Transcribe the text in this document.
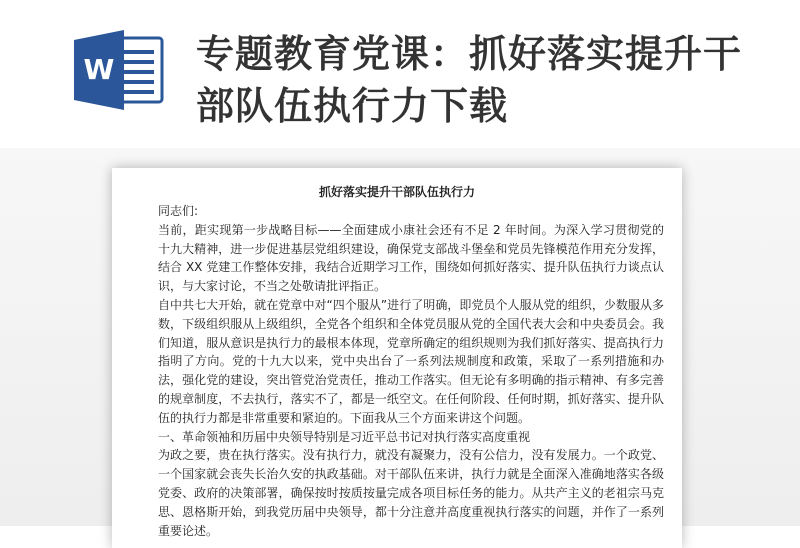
W 专题教育党课：抓好落实提升干部队伍执行力下载
抓好落实提升干部队伍执行力

同志们:

当前，距实现第一步战略目标——全面建成小康社会还有不足 2 年时间。为深入学习贯彻党的十九大精神，进一步促进基层党组织建设，确保党支部战斗堡垒和党员先锋模范作用充分发挥，结合 XX 党建工作整体安排，我结合近期学习工作，围绕如何抓好落实、提升队伍执行力谈点认识，与大家讨论，不当之处敬请批评指正。

自中共七大开始，就在党章中对“四个服从”进行了明确，即党员个人服从党的组织，少数服从多数，下级组织服从上级组织，全党各个组织和全体党员服从党的全国代表大会和中央委员会。我们知道，服从意识是执行力的最根本体现，党章所确定的组织规则为我们抓好落实、提高执行力指明了方向。党的十九大以来，党中央出台了一系列法规制度和政策，采取了一系列措施和办法，强化党的建设，突出管党治党责任，推动工作落实。但无论有多明确的指示精神、有多完善的规章制度，不去执行，落实不了，都是一纸空文。在任何阶段、任何时期，抓好落实、提升队伍的执行力都是非常重要和紧迫的。下面我从三个方面来讲这个问题。

一、革命领袖和历届中央领导特别是习近平总书记对执行落实高度重视

为政之要，贵在执行落实。没有执行力，就没有凝聚力，没有公信力，没有发展力。一个政党、一个国家就会丧失长治久安的执政基础。对干部队伍来讲，执行力就是全面深入准确地落实各级党委、政府的决策部署，确保按时按质按量完成各项目标任务的能力。从共产主义的老祖宗马克思、恩格斯开始，到我党历届中央领导，都十分注意并高度重视执行落实的问题，并作了一系列重要论述。
